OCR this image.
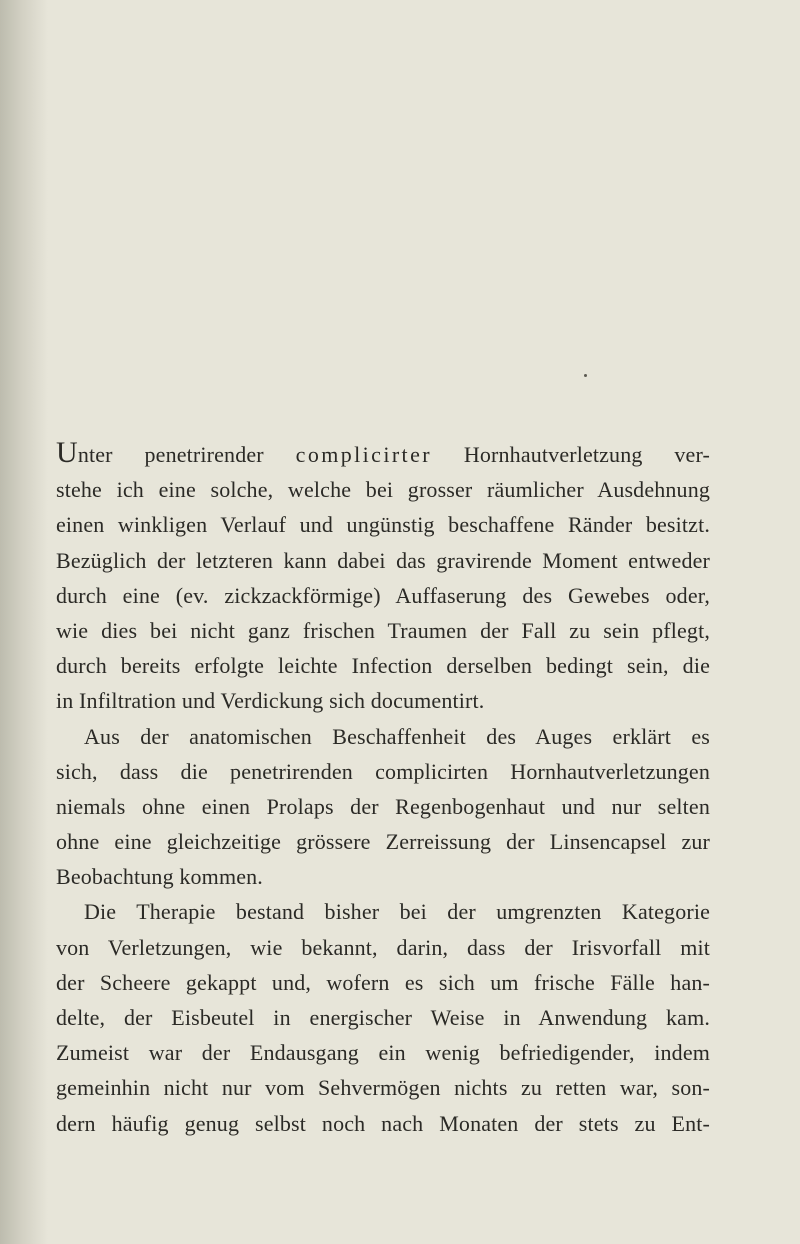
Unter penetrirender complicirter Hornhautverletzung ver-
stehe ich eine solche, welche bei grosser räumlicher Ausdehnung
einen winkligen Verlauf und ungünstig beschaffene Ränder besitzt.
Bezüglich der letzteren kann dabei das gravirende Moment entweder
durch eine (ev. zickzackförmige) Auffaserung des Gewebes oder,
wie dies bei nicht ganz frischen Traumen der Fall zu sein pflegt,
durch bereits erfolgte leichte Infection derselben bedingt sein, die
in Infiltration und Verdickung sich documentirt.
Aus der anatomischen Beschaffenheit des Auges erklärt es
sich, dass die penetrirenden complicirten Hornhautverletzungen
niemals ohne einen Prolaps der Regenbogenhaut und nur selten
ohne eine gleichzeitige grössere Zerreissung der Linsencapsel zur
Beobachtung kommen.
Die Therapie bestand bisher bei der umgrenzten Kategorie
von Verletzungen, wie bekannt, darin, dass der Irisvorfall mit
der Scheere gekappt und, wofern es sich um frische Fälle han-
delte, der Eisbeutel in energischer Weise in Anwendung kam.
Zumeist war der Endausgang ein wenig befriedigender, indem
gemeinhin nicht nur vom Sehvermögen nichts zu retten war, son-
dern häufig genug selbst noch nach Monaten der stets zu Ent-
